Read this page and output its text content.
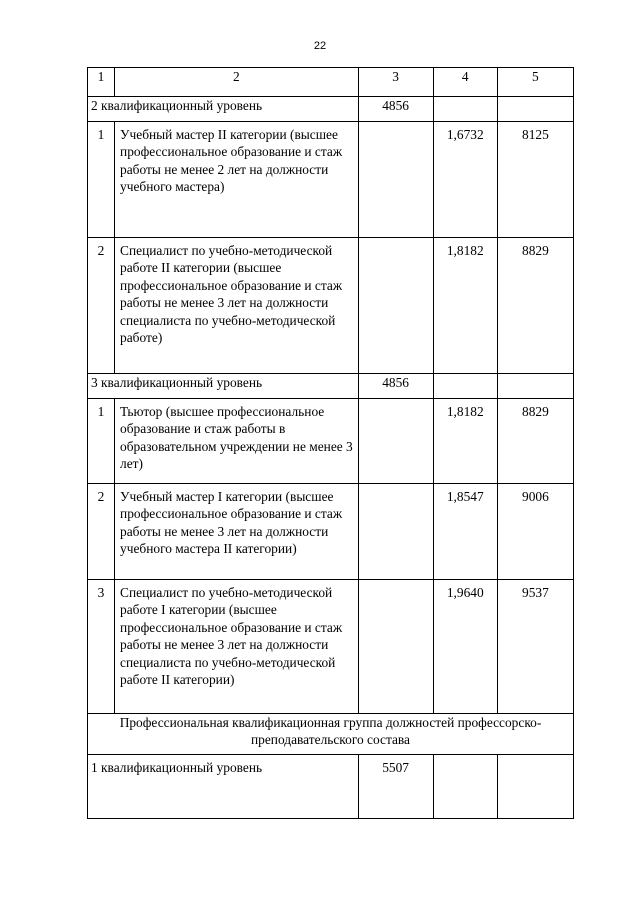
22
1	2	3	4	5
2 квалификационный уровень		4856		
1	Учебный мастер II категории (высшее профессиональное образование и стаж работы не менее 2 лет на должности учебного мастера)		1,6732	8125
2	Специалист по учебно-методической работе II категории (высшее профессиональное образование и стаж работы не менее 3 лет на должности специалиста по учебно-методической работе)		1,8182	8829
3 квалификационный уровень		4856		
1	Тьютор (высшее профессиональное образование и стаж работы в образовательном учреждении не менее 3 лет)		1,8182	8829
2	Учебный мастер I категории (высшее профессиональное образование и стаж работы не менее 3 лет на должности учебного мастера II категории)		1,8547	9006
3	Специалист по учебно-методической работе I категории (высшее профессиональное образование и стаж работы не менее 3 лет на должности специалиста по учебно-методической работе II категории)		1,9640	9537
Профессиональная квалификационная группа должностей профессорско-преподавательского состава				
1 квалификационный уровень		5507		
